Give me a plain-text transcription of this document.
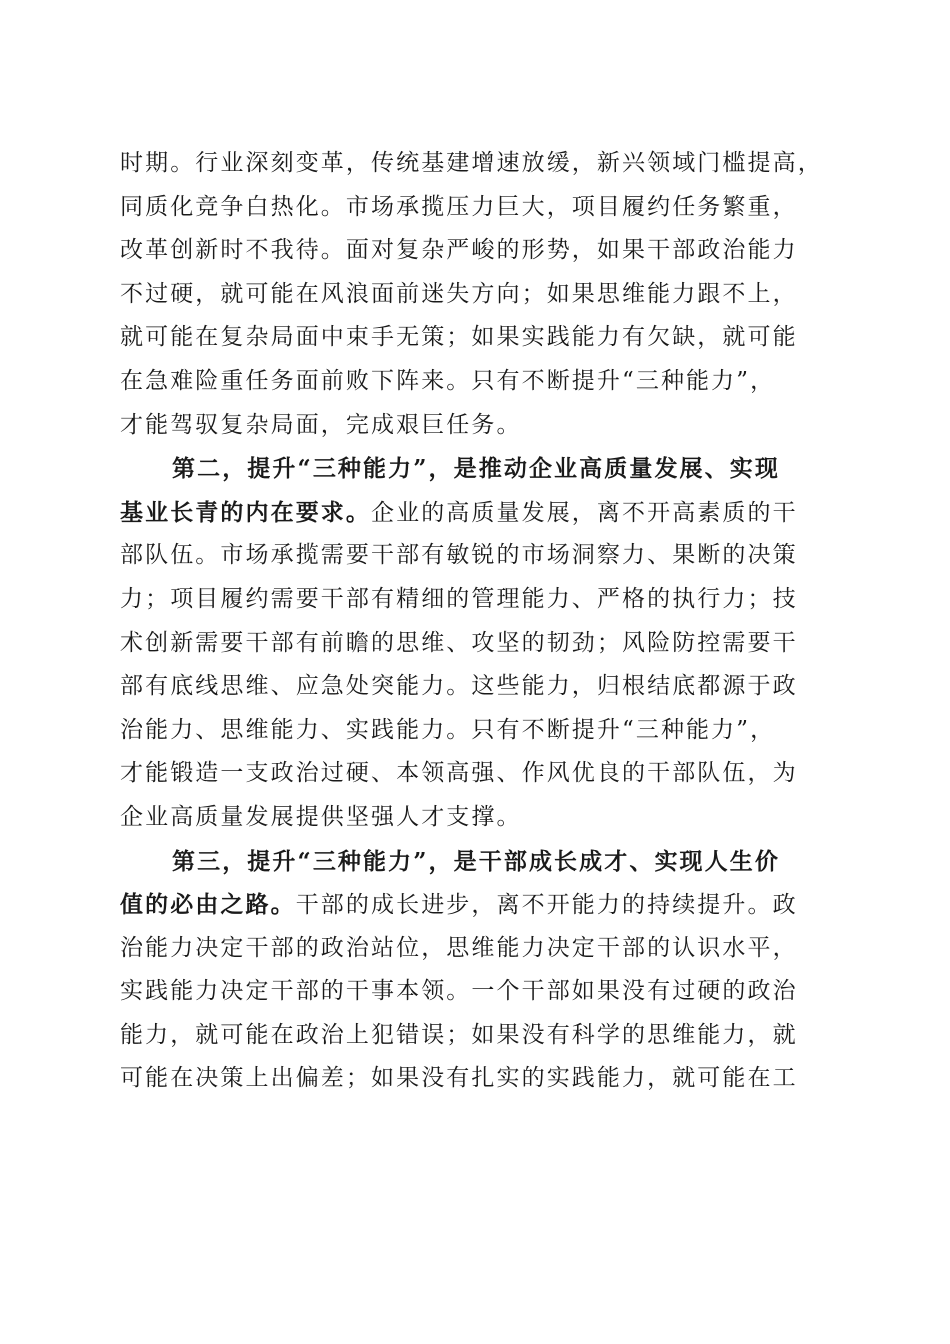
时期。行业深刻变革，传统基建增速放缓，新兴领域门槛提高，
同质化竞争白热化。市场承揽压力巨大，项目履约任务繁重，
改革创新时不我待。面对复杂严峻的形势，如果干部政治能力
不过硬，就可能在风浪面前迷失方向；如果思维能力跟不上，
就可能在复杂局面中束手无策；如果实践能力有欠缺，就可能
在急难险重任务面前败下阵来。只有不断提升“三种能力”，
才能驾驭复杂局面，完成艰巨任务。
第二，提升“三种能力”，是推动企业高质量发展、实现
基业长青的内在要求。企业的高质量发展，离不开高素质的干
部队伍。市场承揽需要干部有敏锐的市场洞察力、果断的决策
力；项目履约需要干部有精细的管理能力、严格的执行力；技
术创新需要干部有前瞻的思维、攻坚的韧劲；风险防控需要干
部有底线思维、应急处突能力。这些能力，归根结底都源于政
治能力、思维能力、实践能力。只有不断提升“三种能力”，
才能锻造一支政治过硬、本领高强、作风优良的干部队伍，为
企业高质量发展提供坚强人才支撑。
第三，提升“三种能力”，是干部成长成才、实现人生价
值的必由之路。干部的成长进步，离不开能力的持续提升。政
治能力决定干部的政治站位，思维能力决定干部的认识水平，
实践能力决定干部的干事本领。一个干部如果没有过硬的政治
能力，就可能在政治上犯错误；如果没有科学的思维能力，就
可能在决策上出偏差；如果没有扎实的实践能力，就可能在工
